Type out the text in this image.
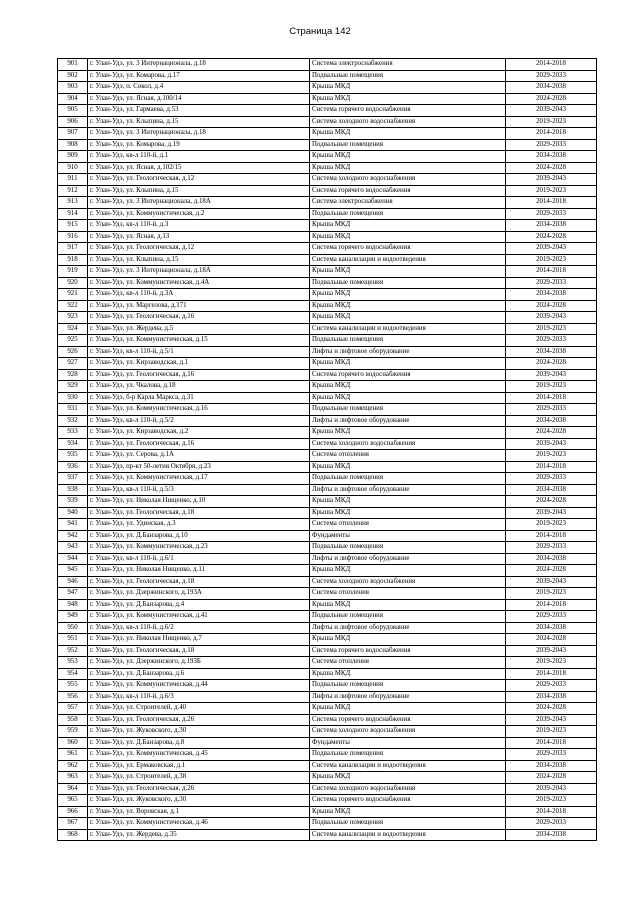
Страница 142
901	г. Улан-Удэ, ул. 3 Интернационала, д.18	Система электроснабжения	2014-2018
902	г. Улан-Удэ, ул. Комарова, д.17	Подвальные помещения	2029-2033
903	г. Улан-Удэ, п. Сокол, д.4	Крыша МКД	2034-2038
904	г. Улан-Удэ, ул. Ясная, д.100/14	Крыша МКД	2024-2028
905	г. Улан-Удэ, ул. Гармаева, д.53	Система горячего водоснабжения	2039-2043
906	г. Улан-Удэ, ул. Клыпина, д.15	Система холодного водоснабжения	2019-2023
907	г. Улан-Удэ, ул. 3 Интернационала, д.18	Крыша МКД	2014-2018
908	г. Улан-Удэ, ул. Комарова, д.19	Подвальные помещения	2029-2033
909	г. Улан-Удэ, кв-л 110-й, д.1	Крыша МКД	2034-2038
910	г. Улан-Удэ, ул. Ясная, д.102/15	Крыша МКД	2024-2028
911	г. Улан-Удэ, ул. Геологическая, д.12	Система холодного водоснабжения	2039-2043
912	г. Улан-Удэ, ул. Клыпина, д.15	Система горячего водоснабжения	2019-2023
913	г. Улан-Удэ, ул. 3 Интернационала, д.18А	Система электроснабжения	2014-2018
914	г. Улан-Удэ, ул. Коммунистическая, д.2	Подвальные помещения	2029-2033
915	г. Улан-Удэ, кв-л 110-й, д.3	Крыша МКД	2034-2038
916	г. Улан-Удэ, ул. Ясная, д.13	Крыша МКД	2024-2028
917	г. Улан-Удэ, ул. Геологическая, д.12	Система горячего водоснабжения	2039-2043
918	г. Улан-Удэ, ул. Клыпина, д.15	Система канализации и водоотведения	2019-2023
919	г. Улан-Удэ, ул. 3 Интернационала, д.18А	Крыша МКД	2014-2018
920	г. Улан-Удэ, ул. Коммунистическая, д.4А	Подвальные помещения	2029-2033
921	г. Улан-Удэ, кв-л 110-й, д.3А	Крыша МКД	2034-2038
922	г. Улан-Удэ, ул. Маргелова, д.171	Крыша МКД	2024-2028
923	г. Улан-Удэ, ул. Геологическая, д.16	Крыша МКД	2039-2043
924	г. Улан-Удэ, ул. Жердева, д.5	Система канализации и водоотведения	2019-2023
925	г. Улан-Удэ, ул. Коммунистическая, д.15	Подвальные помещения	2029-2033
926	г. Улан-Удэ, кв-л 110-й, д.5/1	Лифты и лифтовое оборудование	2034-2038
927	г. Улан-Удэ, ул. Кирзаводская, д.1	Крыша МКД	2024-2028
928	г. Улан-Удэ, ул. Геологическая, д.16	Система горячего водоснабжения	2039-2043
929	г. Улан-Удэ, ул. Чкалова, д.18	Крыша МКД	2019-2023
930	г. Улан-Удэ, б-р Карла Маркса, д.31	Крыша МКД	2014-2018
931	г. Улан-Удэ, ул. Коммунистическая, д.16	Подвальные помещения	2029-2033
932	г. Улан-Удэ, кв-л 110-й, д.5/2	Лифты и лифтовое оборудование	2034-2038
933	г. Улан-Удэ, ул. Кирзаводская, д.2	Крыша МКД	2024-2028
934	г. Улан-Удэ, ул. Геологическая, д.16	Система холодного водоснабжения	2039-2043
935	г. Улан-Удэ, ул. Серова, д.1А	Система отопления	2019-2023
936	г. Улан-Удэ, пр-кт 50-летия Октября, д.23	Крыша МКД	2014-2018
937	г. Улан-Удэ, ул. Коммунистическая, д.17	Подвальные помещения	2029-2033
938	г. Улан-Удэ, кв-л 110-й, д.5/3	Лифты и лифтовое оборудование	2034-2038
939	г. Улан-Удэ, ул. Николая Нищенко, д.10	Крыша МКД	2024-2028
940	г. Улан-Удэ, ул. Геологическая, д.18	Крыша МКД	2039-2043
941	г. Улан-Удэ, ул. Удинская, д.3	Система отопления	2019-2023
942	г. Улан-Удэ, ул. Д.Банзарова, д.10	Фундаменты	2014-2018
943	г. Улан-Удэ, ул. Коммунистическая, д.23	Подвальные помещения	2029-2033
944	г. Улан-Удэ, кв-л 110-й, д.6/1	Лифты и лифтовое оборудование	2034-2038
945	г. Улан-Удэ, ул. Николая Нищенко, д.11	Крыша МКД	2024-2028
946	г. Улан-Удэ, ул. Геологическая, д.18	Система холодного водоснабжения	2039-2043
947	г. Улан-Удэ, ул. Дзержинского, д.193А	Система отопления	2019-2023
948	г. Улан-Удэ, ул. Д.Банзарова, д.4	Крыша МКД	2014-2018
949	г. Улан-Удэ, ул. Коммунистическая, д.41	Подвальные помещения	2029-2033
950	г. Улан-Удэ, кв-л 110-й, д.6/2	Лифты и лифтовое оборудование	2034-2038
951	г. Улан-Удэ, ул. Николая Нищенко, д.7	Крыша МКД	2024-2028
952	г. Улан-Удэ, ул. Геологическая, д.18	Система горячего водоснабжения	2039-2043
953	г. Улан-Удэ, ул. Дзержинского, д.193Б	Система отопления	2019-2023
954	г. Улан-Удэ, ул. Д.Банзарова, д.6	Крыша МКД	2014-2018
955	г. Улан-Удэ, ул. Коммунистическая, д.44	Подвальные помещения	2029-2033
956	г. Улан-Удэ, кв-л 110-й, д.6/3	Лифты и лифтовое оборудование	2034-2038
957	г. Улан-Удэ, ул. Строителей, д.40	Крыша МКД	2024-2028
958	г. Улан-Удэ, ул. Геологическая, д.26	Система горячего водоснабжения	2039-2043
959	г. Улан-Удэ, ул. Жуковского, д.30	Система холодного водоснабжения	2019-2023
960	г. Улан-Удэ, ул. Д.Банзарова, д.8	Фундаменты	2014-2018
961	г. Улан-Удэ, ул. Коммунистическая, д.45	Подвальные помещения	2029-2033
962	г. Улан-Удэ, ул. Ермаковская, д.1	Система канализации и водоотведения	2034-2038
963	г. Улан-Удэ, ул. Строителей, д.38	Крыша МКД	2024-2028
964	г. Улан-Удэ, ул. Геологическая, д.26	Система холодного водоснабжения	2039-2043
965	г. Улан-Удэ, ул. Жуковского, д.30	Система горячего водоснабжения	2019-2023
966	г. Улан-Удэ, ул. Воровская, д.1	Крыша МКД	2014-2018
967	г. Улан-Удэ, ул. Коммунистическая, д.46	Подвальные помещения	2029-2033
968	г. Улан-Удэ, ул. Жердева, д.35	Система канализации и водоотведения	2034-2038
